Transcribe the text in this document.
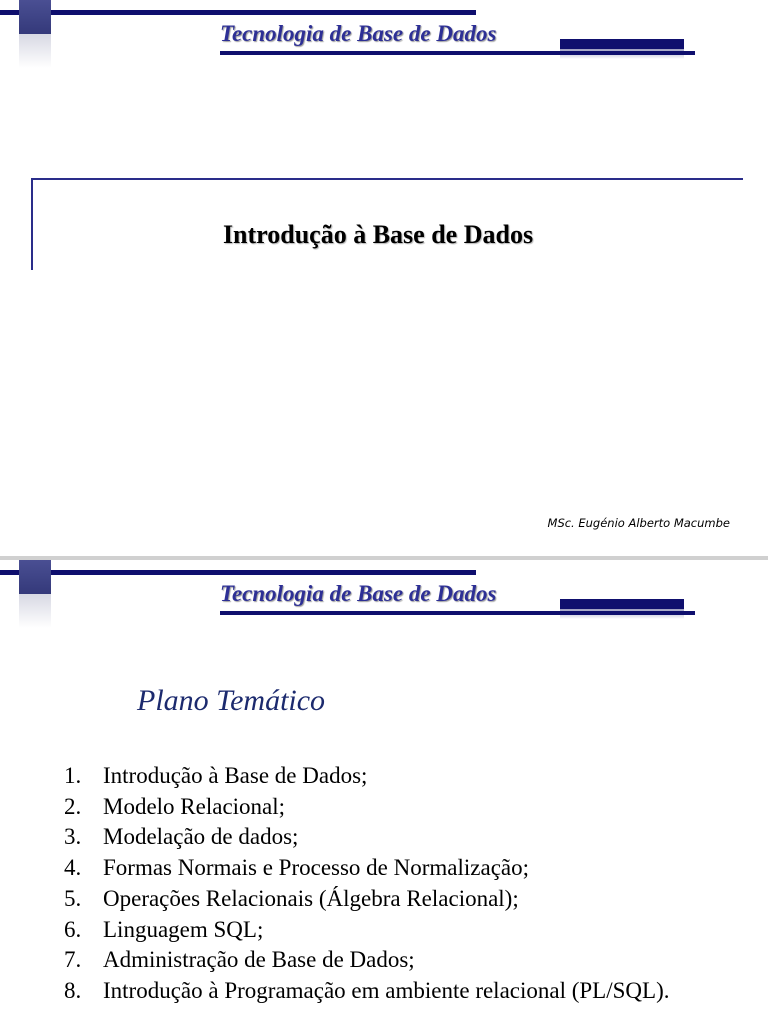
Tecnologia de Base de Dados
Introdução à Base de Dados
MSc. Eugénio Alberto Macumbe
Tecnologia de Base de Dados
Plano Temático
1. Introdução à Base de Dados;
2. Modelo Relacional;
3. Modelação de dados;
4. Formas Normais e Processo de Normalização;
5. Operações Relacionais (Álgebra Relacional);
6. Linguagem SQL;
7. Administração de Base de Dados;
8. Introdução à Programação em ambiente relacional (PL/SQL).
